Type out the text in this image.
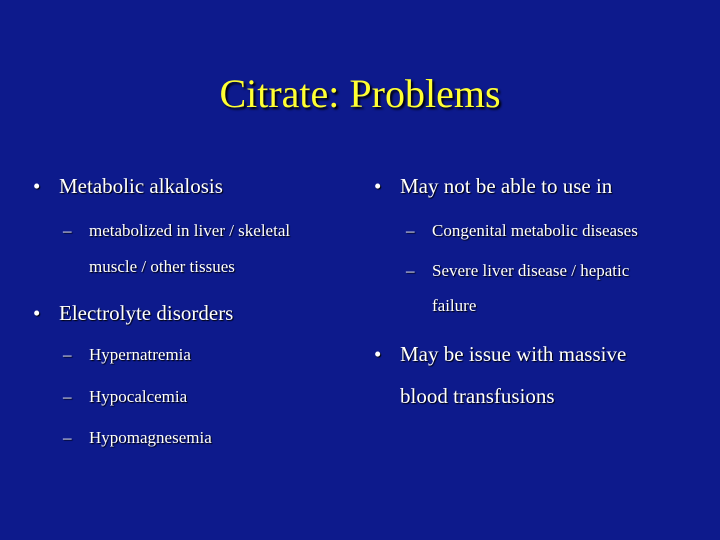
Citrate: Problems
• Metabolic alkalosis
– metabolized in liver / skeletal
muscle / other tissues
• Electrolyte disorders
– Hypernatremia
– Hypocalcemia
– Hypomagnesemia
• May not be able to use in
– Congenital metabolic diseases
– Severe liver disease / hepatic
failure
• May be issue with massive
blood transfusions
